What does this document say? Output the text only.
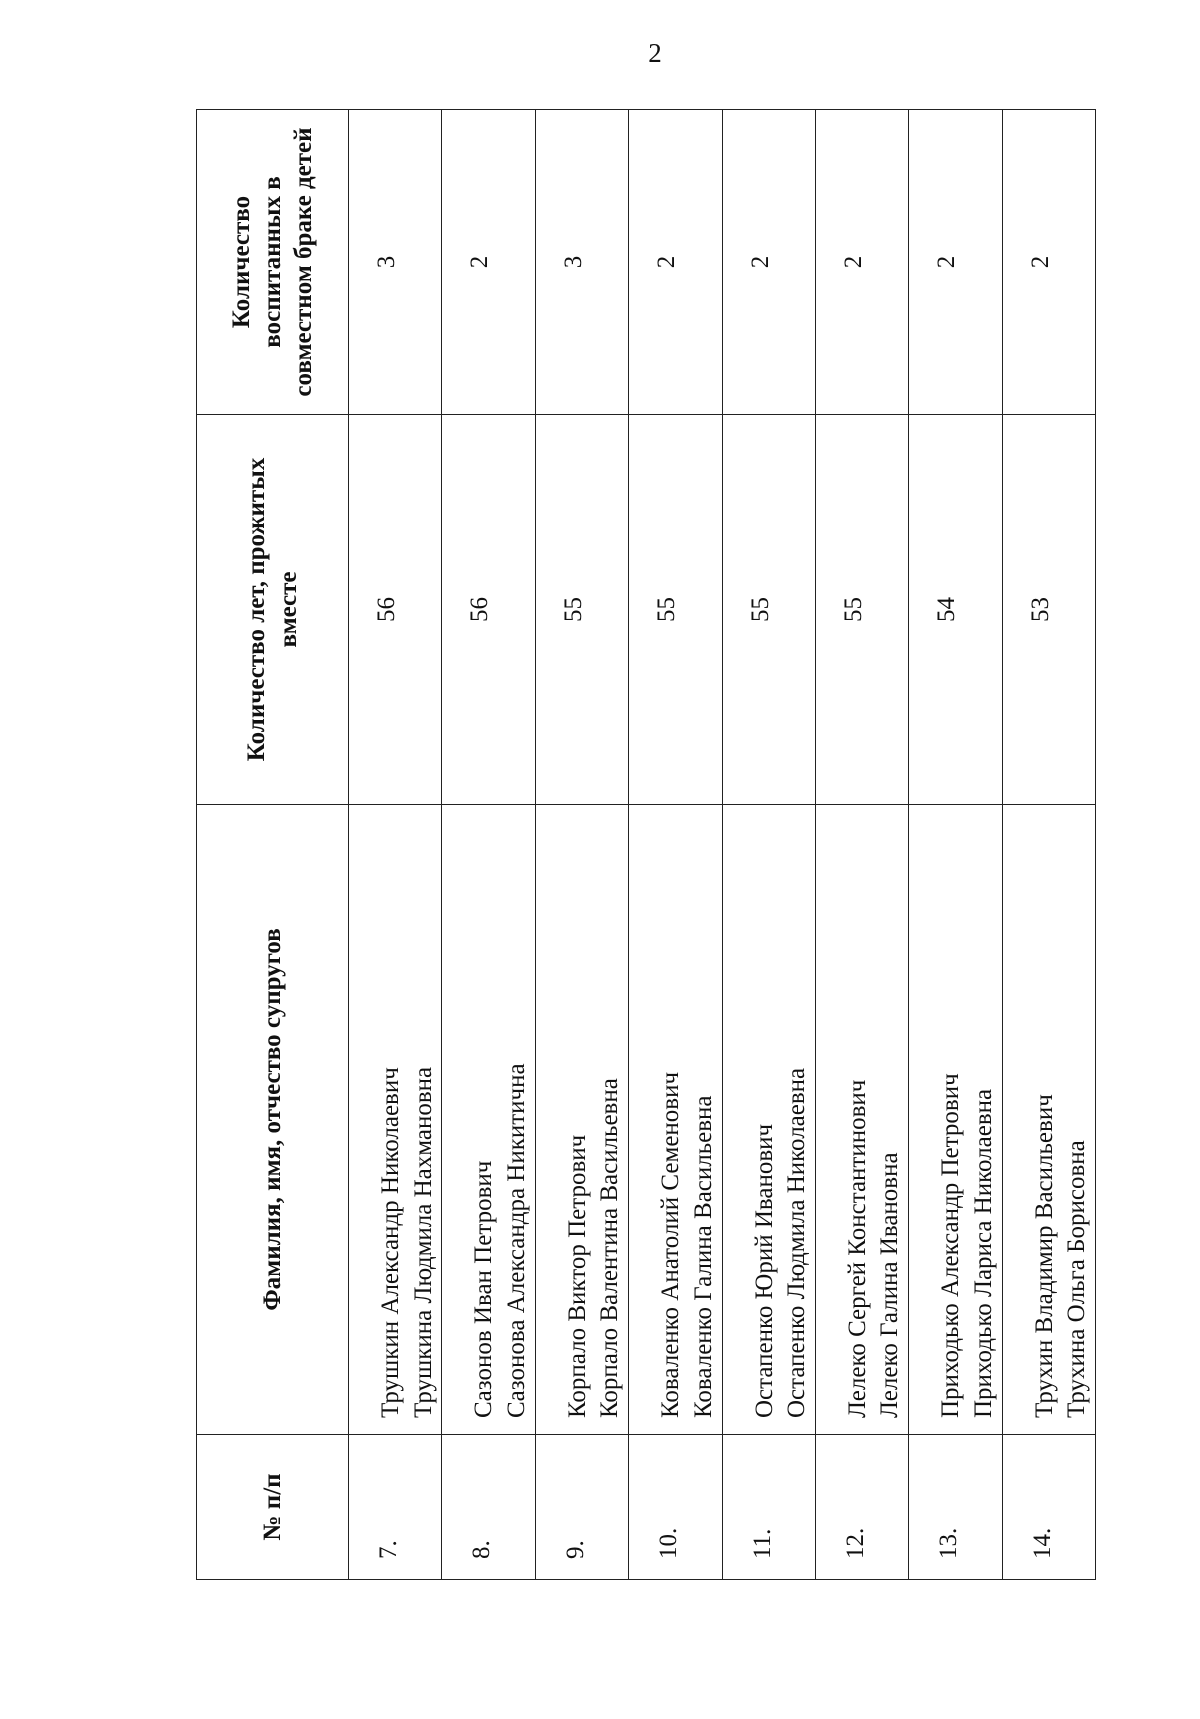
2
№ п/п	Фамилия, имя, отчество супругов	Количество лет, прожитых вместе	Количество воспитанных в совместном браке детей
7.	Трушкин Александр Николаевич Трушкина Людмила Нахмановна	56	3
8.	Сазонов Иван Петрович Сазонова Александра Никитична	56	2
9.	Корпало Виктор Петрович Корпало Валентина Васильевна	55	3
10.	Коваленко Анатолий Семенович Коваленко Галина Васильевна	55	2
11.	Остапенко Юрий Иванович Остапенко Людмила Николаевна	55	2
12.	Лелеко Сергей Константинович Лелеко Галина Ивановна	55	2
13.	Приходько Александр Петрович Приходько Лариса Николаевна	54	2
14.	Трухин Владимир Васильевич Трухина Ольга Борисовна	53	2
